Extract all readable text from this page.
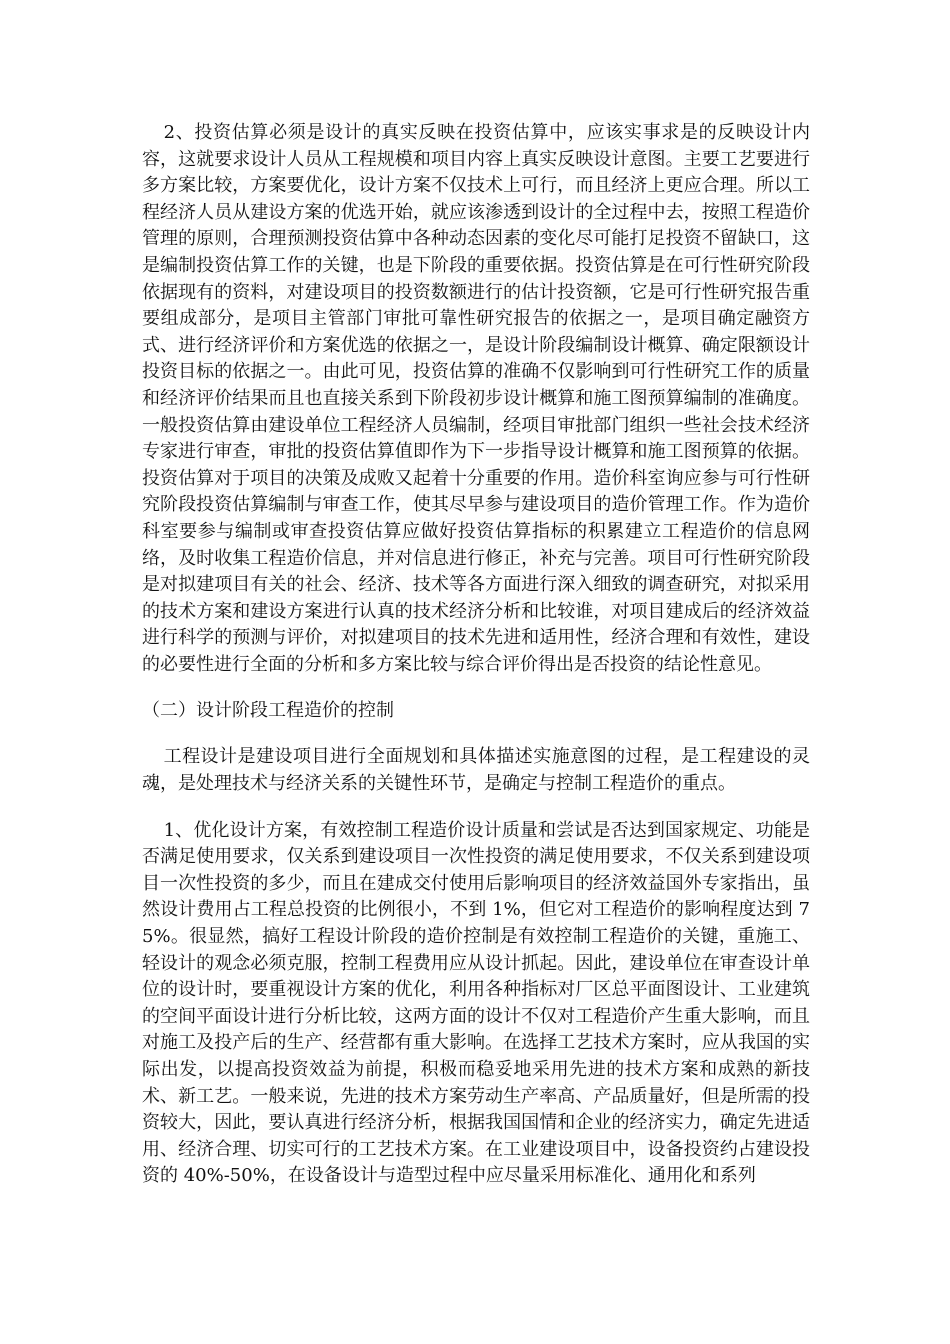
2、投资估算必须是设计的真实反映在投资估算中，应该实事求是的反映设计内容，这就要求设计人员从工程规模和项目内容上真实反映设计意图。主要工艺要进行多方案比较，方案要优化，设计方案不仅技术上可行，而且经济上更应合理。所以工程经济人员从建设方案的优选开始，就应该渗透到设计的全过程中去，按照工程造价管理的原则，合理预测投资估算中各种动态因素的变化尽可能打足投资不留缺口，这是编制投资估算工作的关键，也是下阶段的重要依据。投资估算是在可行性研究阶段依据现有的资料，对建设项目的投资数额进行的估计投资额，它是可行性研究报告重要组成部分，是项目主管部门审批可靠性研究报告的依据之一，是项目确定融资方式、进行经济评价和方案优选的依据之一，是设计阶段编制设计概算、确定限额设计投资目标的依据之一。由此可见，投资估算的准确不仅影响到可行性研究工作的质量和经济评价结果而且也直接关系到下阶段初步设计概算和施工图预算编制的准确度。一般投资估算由建设单位工程经济人员编制，经项目审批部门组织一些社会技术经济专家进行审查，审批的投资估算值即作为下一步指导设计概算和施工图预算的依据。投资估算对于项目的决策及成败又起着十分重要的作用。造价科室询应参与可行性研究阶段投资估算编制与审查工作，使其尽早参与建设项目的造价管理工作。作为造价科室要参与编制或审查投资估算应做好投资估算指标的积累建立工程造价的信息网络，及时收集工程造价信息，并对信息进行修正，补充与完善。项目可行性研究阶段是对拟建项目有关的社会、经济、技术等各方面进行深入细致的调查研究，对拟采用的技术方案和建设方案进行认真的技术经济分析和比较谁，对项目建成后的经济效益进行科学的预测与评价，对拟建项目的技术先进和适用性，经济合理和有效性，建设的必要性进行全面的分析和多方案比较与综合评价得出是否投资的结论性意见。

（二）设计阶段工程造价的控制

工程设计是建设项目进行全面规划和具体描述实施意图的过程，是工程建设的灵魂，是处理技术与经济关系的关键性环节，是确定与控制工程造价的重点。

1、优化设计方案，有效控制工程造价设计质量和尝试是否达到国家规定、功能是否满足使用要求，仅关系到建设项目一次性投资的满足使用要求，不仅关系到建设项目一次性投资的多少，而且在建成交付使用后影响项目的经济效益国外专家指出，虽然设计费用占工程总投资的比例很小，不到 1%，但它对工程造价的影响程度达到 75%。很显然，搞好工程设计阶段的造价控制是有效控制工程造价的关键，重施工、轻设计的观念必须克服，控制工程费用应从设计抓起。因此，建设单位在审查设计单位的设计时，要重视设计方案的优化，利用各种指标对厂区总平面图设计、工业建筑的空间平面设计进行分析比较，这两方面的设计不仅对工程造价产生重大影响，而且对施工及投产后的生产、经营都有重大影响。在选择工艺技术方案时，应从我国的实际出发，以提高投资效益为前提，积极而稳妥地采用先进的技术方案和成熟的新技术、新工艺。一般来说，先进的技术方案劳动生产率高、产品质量好，但是所需的投资较大，因此，要认真进行经济分析，根据我国国情和企业的经济实力，确定先进适用、经济合理、切实可行的工艺技术方案。在工业建设项目中，设备投资约占建设投资的 40%-50%，在设备设计与造型过程中应尽量采用标准化、通用化和系列
